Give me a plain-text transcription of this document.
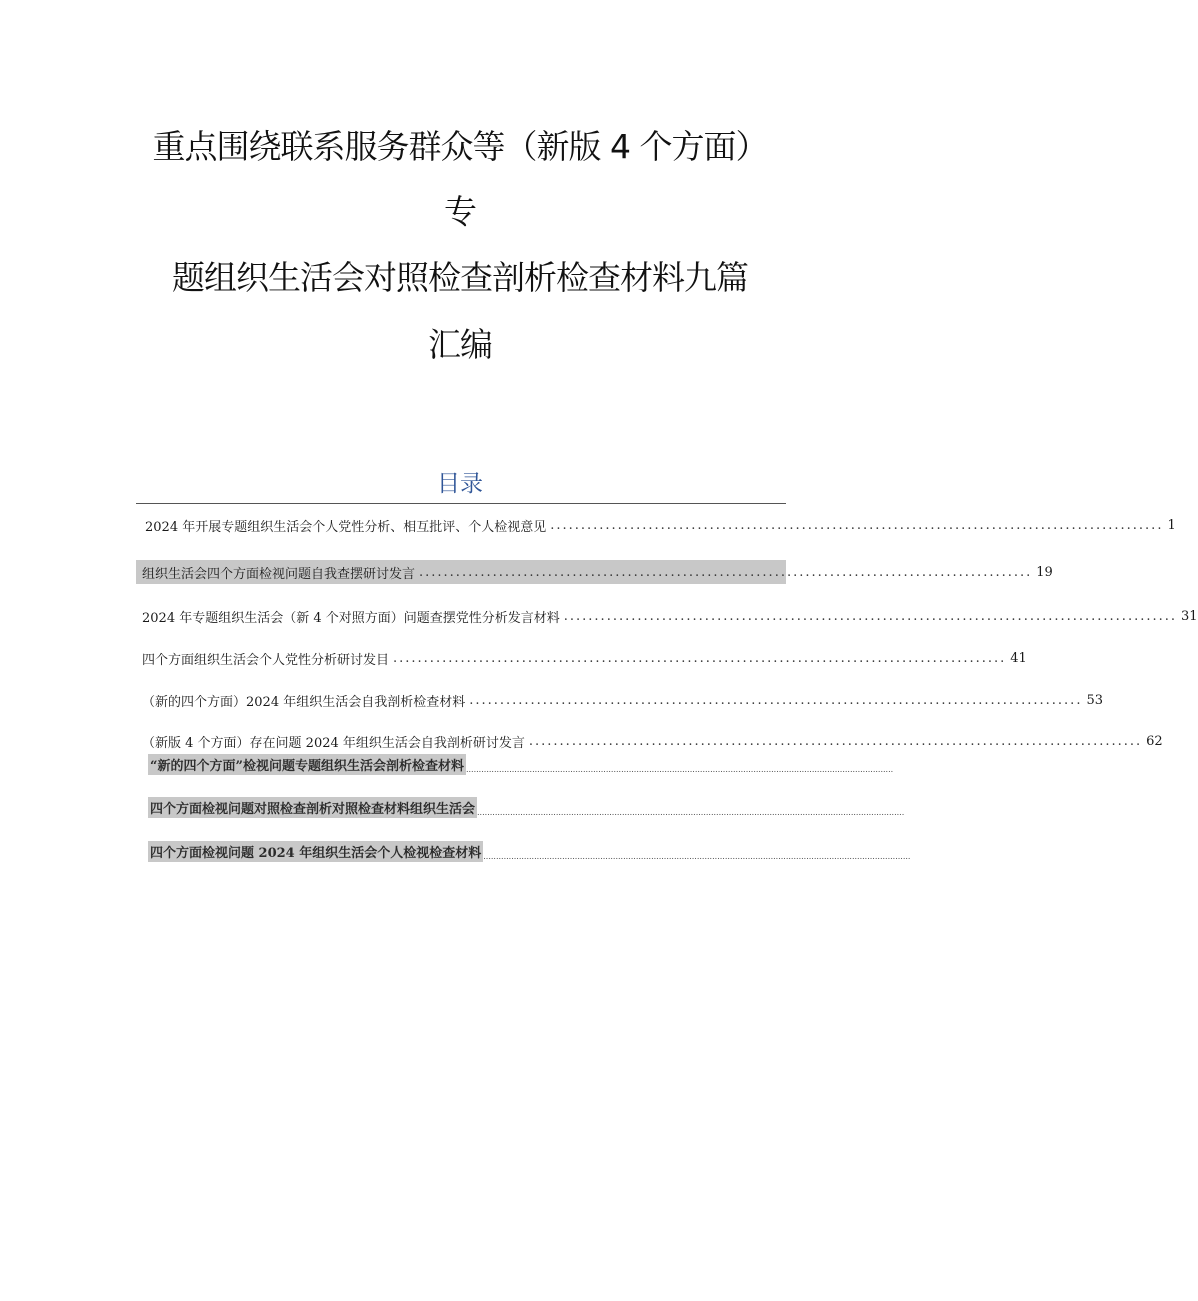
重点围绕联系服务群众等（新版 4 个方面）
专
题组织生活会对照检查剖析检查材料九篇
汇编
目录
2024 年开展专题组织生活会个人党性分析、相互批评、个人检视意见 .................................................................................................... 1
组织生活会四个方面检视问题自我查摆研讨发言 .................................................................................................... 19
2024 年专题组织生活会（新 4 个对照方面）问题查摆党性分析发言材料 .................................................................................................... 31
四个方面组织生活会个人党性分析研讨发目 .................................................................................................... 41
（新的四个方面）2024 年组织生活会自我剖析检查材料 .................................................................................................... 53
（新版 4 个方面）存在问题 2024 年组织生活会自我剖析研讨发言 .................................................................................................... 62
“新的四个方面”检视问题专题组织生活会剖析检查材料 ........................................................................................................................................................................
四个方面检视问题对照检查剖析对照检查材料组织生活会 ........................................................................................................................................................................
四个方面检视问题 2024 年组织生活会个人检视检查材料 ........................................................................................................................................................................
